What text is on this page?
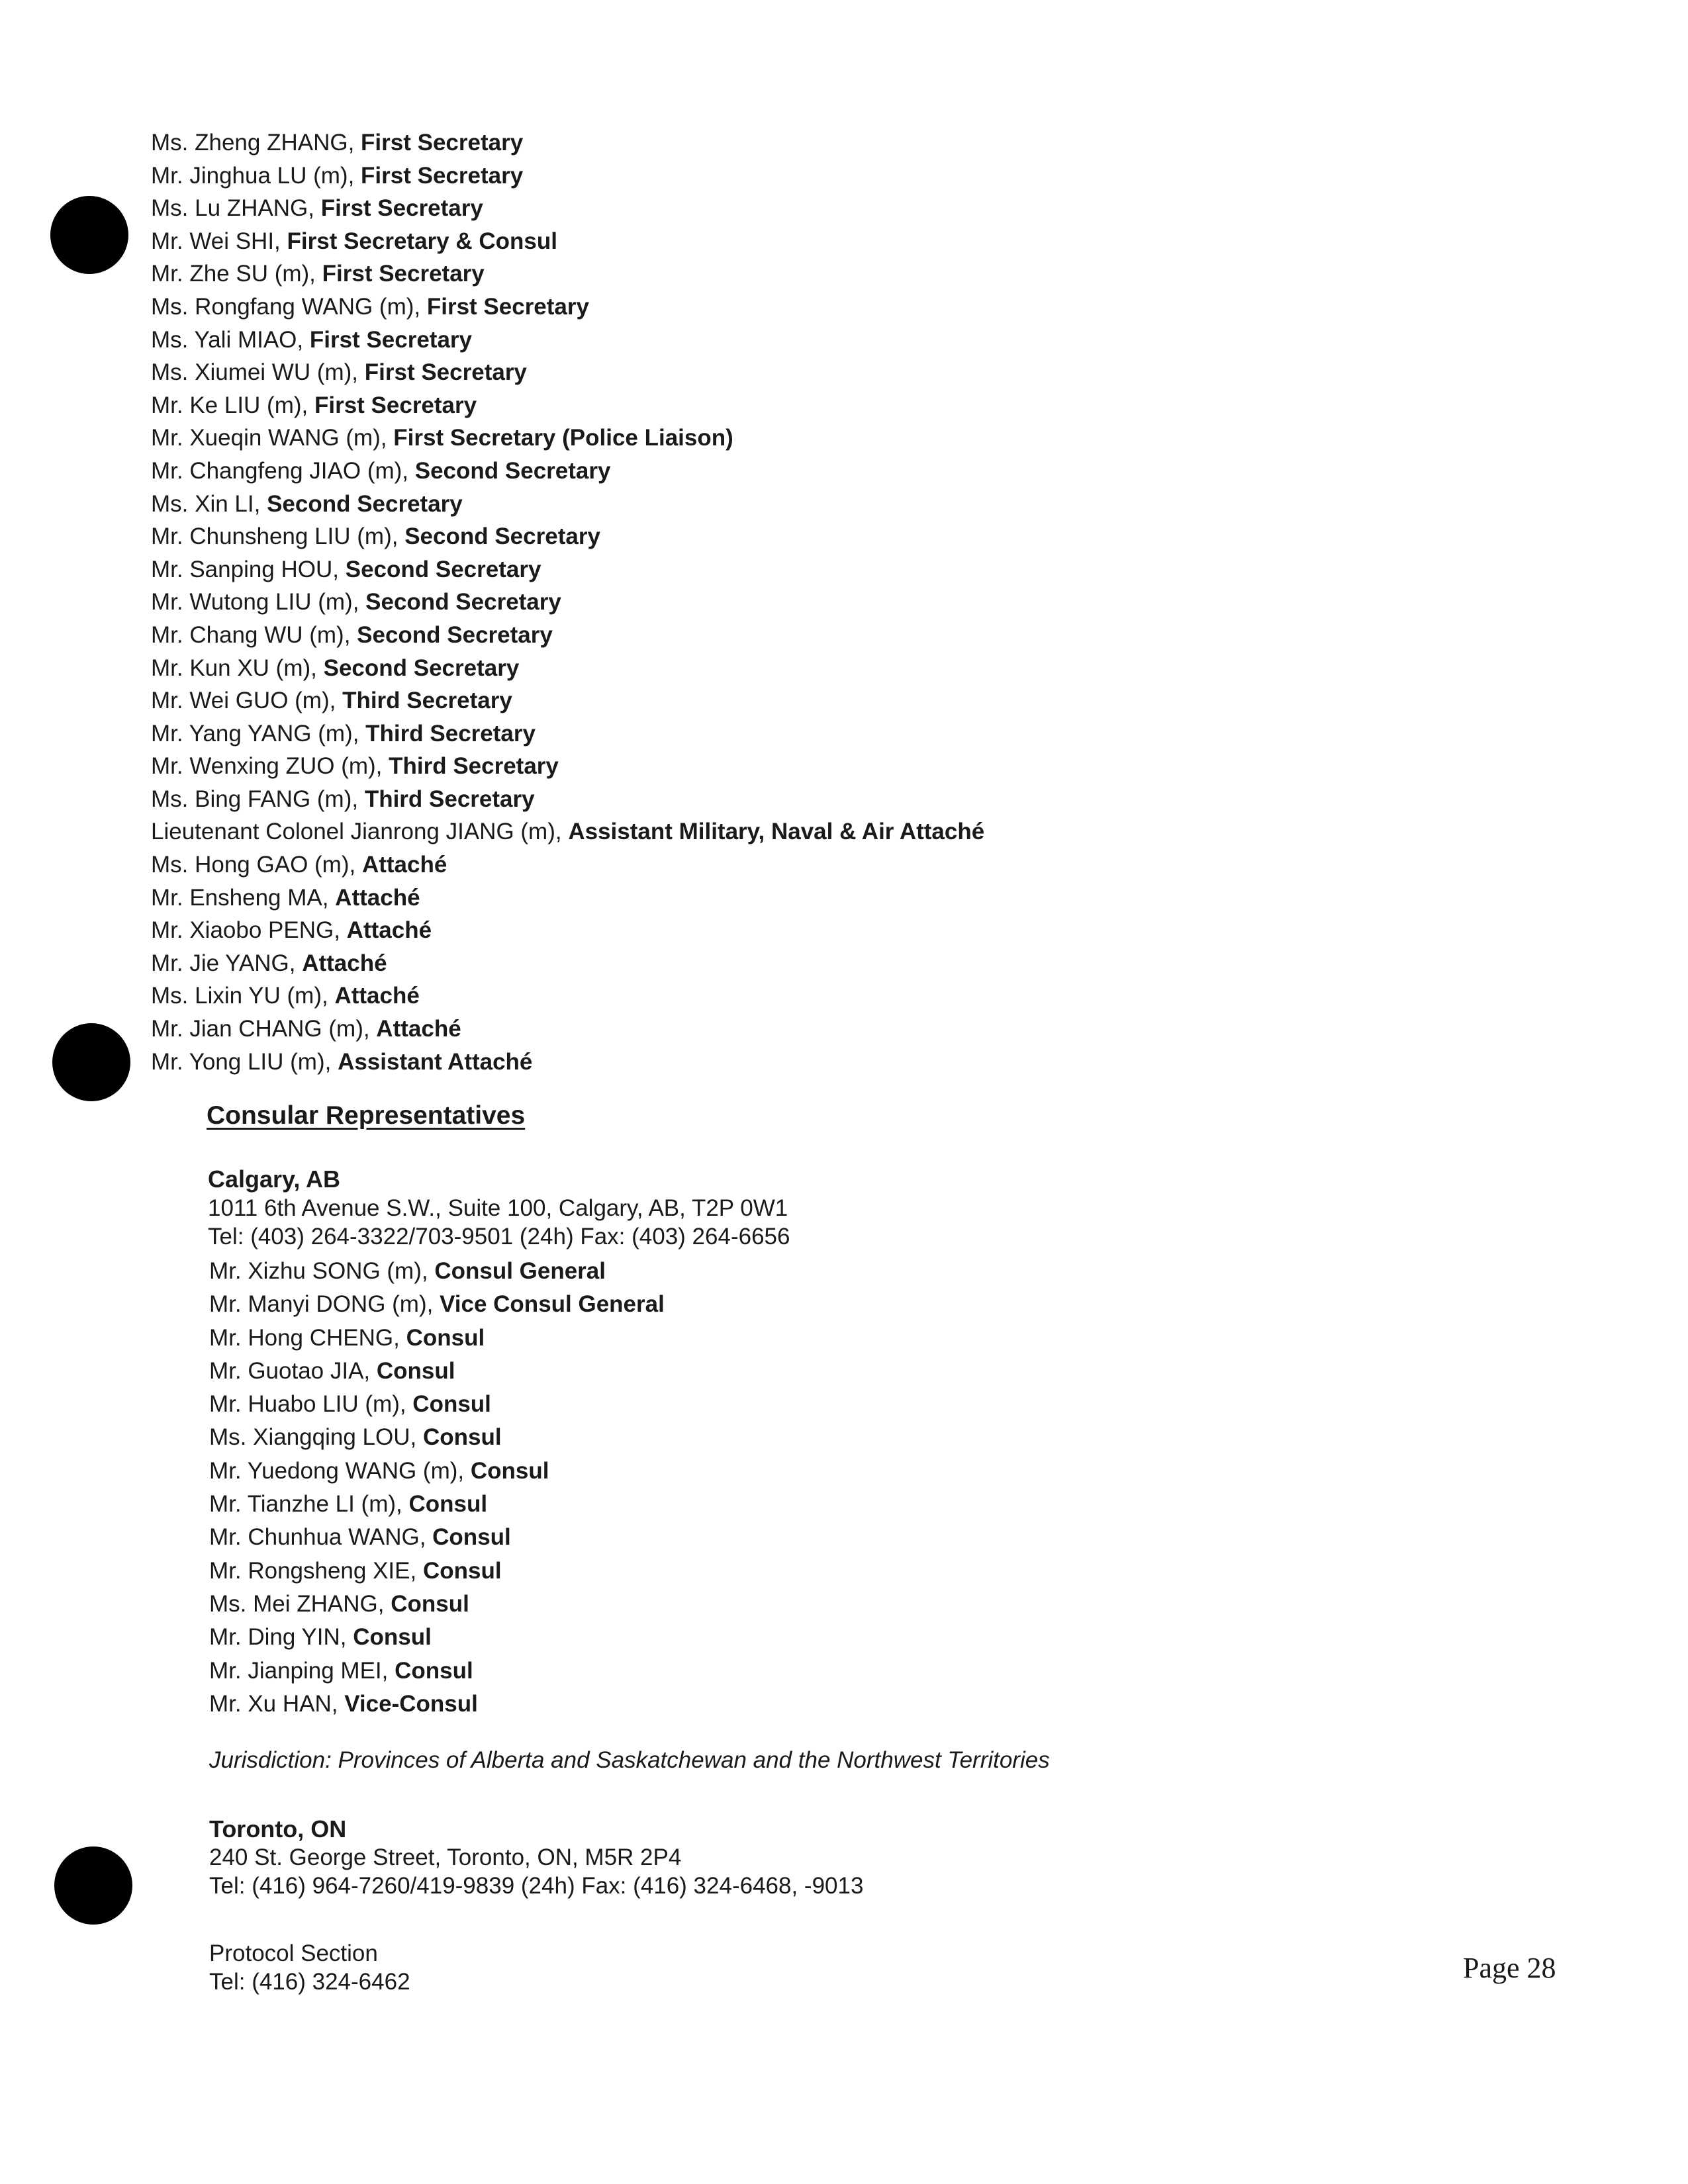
Ms. Zheng ZHANG, First Secretary
Mr. Jinghua LU (m), First Secretary
Ms. Lu ZHANG, First Secretary
Mr. Wei SHI, First Secretary & Consul
Mr. Zhe SU (m), First Secretary
Ms. Rongfang WANG (m), First Secretary
Ms. Yali MIAO, First Secretary
Ms. Xiumei WU (m), First Secretary
Mr. Ke LIU (m), First Secretary
Mr. Xueqin WANG (m), First Secretary (Police Liaison)
Mr. Changfeng JIAO (m), Second Secretary
Ms. Xin LI, Second Secretary
Mr. Chunsheng LIU (m), Second Secretary
Mr. Sanping HOU, Second Secretary
Mr. Wutong LIU (m), Second Secretary
Mr. Chang WU (m), Second Secretary
Mr. Kun XU (m), Second Secretary
Mr. Wei GUO (m), Third Secretary
Mr. Yang YANG (m), Third Secretary
Mr. Wenxing ZUO (m), Third Secretary
Ms. Bing FANG (m), Third Secretary
Lieutenant Colonel Jianrong JIANG (m), Assistant Military, Naval & Air Attaché
Ms. Hong GAO (m), Attaché
Mr. Ensheng MA, Attaché
Mr. Xiaobo PENG, Attaché
Mr. Jie YANG, Attaché
Ms. Lixin YU (m), Attaché
Mr. Jian CHANG (m), Attaché
Mr. Yong LIU (m), Assistant Attaché
Consular Representatives
Calgary, AB
1011 6th Avenue S.W., Suite 100, Calgary, AB, T2P 0W1
Tel: (403) 264-3322/703-9501 (24h) Fax: (403) 264-6656
Mr. Xizhu SONG (m), Consul General
Mr. Manyi DONG (m), Vice Consul General
Mr. Hong CHENG, Consul
Mr. Guotao JIA, Consul
Mr. Huabo LIU (m), Consul
Ms. Xiangqing LOU, Consul
Mr. Yuedong WANG (m), Consul
Mr. Tianzhe LI (m), Consul
Mr. Chunhua WANG, Consul
Mr. Rongsheng XIE, Consul
Ms. Mei ZHANG, Consul
Mr. Ding YIN, Consul
Mr. Jianping MEI, Consul
Mr. Xu HAN, Vice-Consul
Jurisdiction: Provinces of Alberta and Saskatchewan and the Northwest Territories
Toronto, ON
240 St. George Street, Toronto, ON, M5R 2P4
Tel: (416) 964-7260/419-9839 (24h) Fax: (416) 324-6468, -9013
Protocol Section
Tel: (416) 324-6462	Page 28
